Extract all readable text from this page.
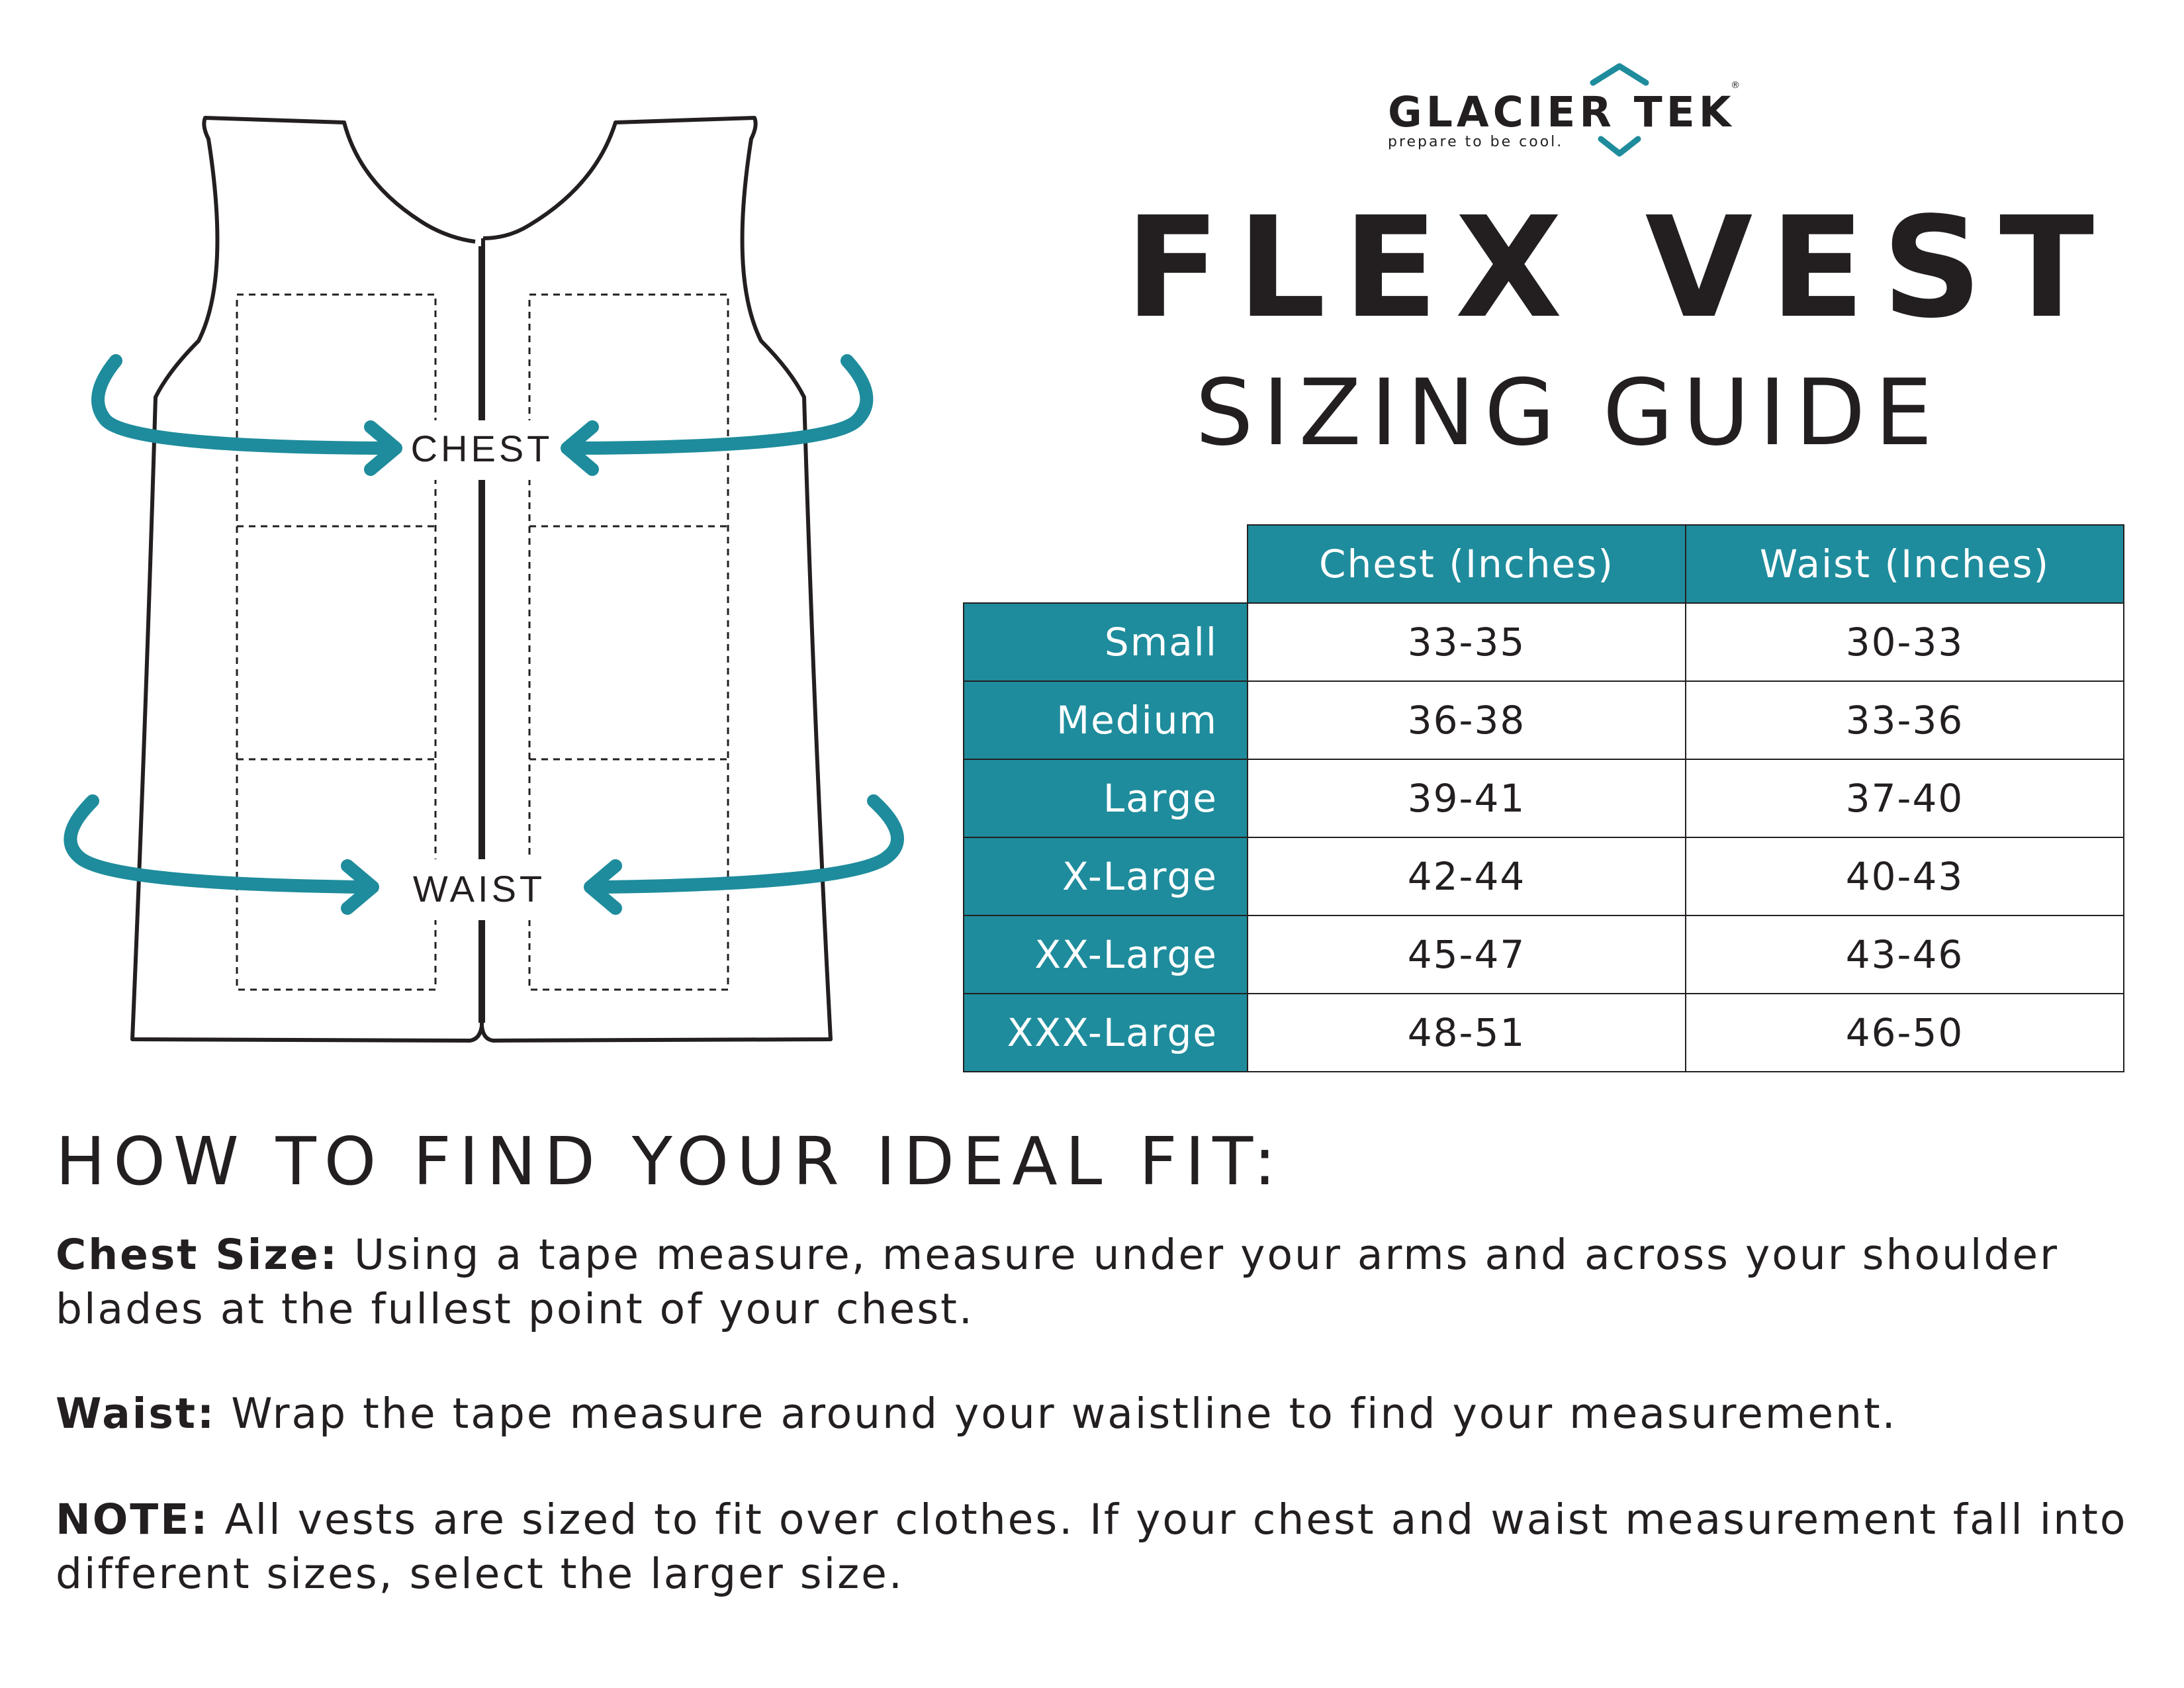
CHEST
WAIST
GLACIER TEK
®
prepare to be cool.
FLEX VEST
SIZING GUIDE
	Chest (Inches)	Waist (Inches)
Small	33-35	30-33
Medium	36-38	33-36
Large	39-41	37-40
X-Large	42-44	40-43
XX-Large	45-47	43-46
XXX-Large	48-51	46-50
HOW TO FIND YOUR IDEAL FIT:

Chest Size: Using a tape measure, measure under your arms and across your shoulder blades at the fullest point of your chest.

Waist: Wrap the tape measure around your waistline to find your measurement.

NOTE: All vests are sized to fit over clothes. If your chest and waist measurement fall into different sizes, select the larger size.
